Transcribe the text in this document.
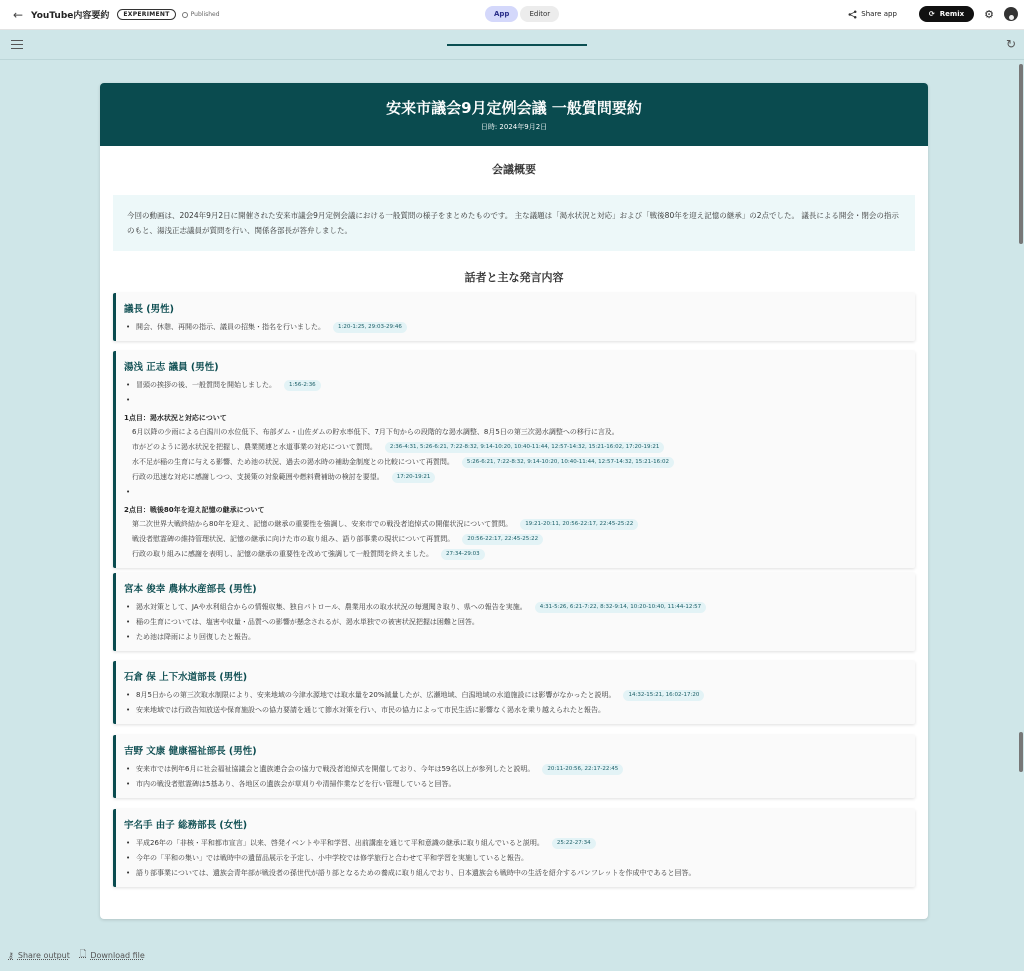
← YouTube内容要約	EXPERIMENT	Published	App	Editor	Share app	⟳ Remix ⚙
↻
安来市議会9月定例会議 一般質問要約
日時: 2024年9月2日
会議概要
今回の動画は、2024年9月2日に開催された安来市議会9月定例会議における一般質問の様子をまとめたものです。 主な議題は「渇水状況と対応」および「戦後80年を迎え記憶の継承」の2点でした。 議長による開会・閉会の指示のもと、湯浅正志議員が質問を行い、関係各部長が答弁しました。
話者と主な発言内容
議長 (男性)
• 開会、休憩、再開の指示、議員の招集・指名を行いました。 1:20-1:25, 29:03-29:46
湯浅 正志 議員 (男性)
• 冒頭の挨拶の後、一般質問を開始しました。 1:56-2:36
•
1点目：渇水状況と対応について
6月以降の少雨による白潟川の水位低下、布部ダム・山佐ダムの貯水率低下、7月下旬からの段階的な渇水調整、8月5日の第三次渇水調整への移行に言及。
市がどのように渇水状況を把握し、農業関連と水道事業の対応について質問。 2:36-4:31, 5:26-6:21, 7:22-8:32, 9:14-10:20, 10:40-11:44, 12:57-14:32, 15:21-16:02, 17:20-19:21
水不足が稲の生育に与える影響、ため池の状況、過去の渇水時の補助金制度との比較について再質問。 5:26-6:21, 7:22-8:32, 9:14-10:20, 10:40-11:44, 12:57-14:32, 15:21-16:02
行政の迅速な対応に感謝しつつ、支援策の対象範囲や燃料費補助の検討を要望。 17:20-19:21
•
2点目：戦後80年を迎え記憶の継承について
第二次世界大戦終結から80年を迎え、記憶の継承の重要性を強調し、安来市での戦没者追悼式の開催状況について質問。 19:21-20:11, 20:56-22:17, 22:45-25:22
戦没者慰霊碑の維持管理状況、記憶の継承に向けた市の取り組み、語り部事業の現状について再質問。 20:56-22:17, 22:45-25:22
行政の取り組みに感謝を表明し、記憶の継承の重要性を改めて強調して一般質問を終えました。 27:34-29:03
宮本 俊幸 農林水産部長 (男性)
• 渇水対策として、JAや水利組合からの情報収集、独自パトロール、農業用水の取水状況の毎週聞き取り、県への報告を実施。 4:31-5:26, 6:21-7:22, 8:32-9:14, 10:20-10:40, 11:44-12:57
• 稲の生育については、塩害や収量・品質への影響が懸念されるが、渇水単独での被害状況把握は困難と回答。
• ため池は降雨により回復したと報告。
石倉 保 上下水道部長 (男性)
• 8月5日からの第三次取水制限により、安来地域の今津水源地では取水量を20%減量したが、広瀬地域、白潟地域の水道施設には影響がなかったと説明。 14:32-15:21, 16:02-17:20
• 安来地域では行政告知放送や保育施設への協力要請を通じて節水対策を行い、市民の協力によって市民生活に影響なく渇水を乗り越えられたと報告。
吉野 文康 健康福祉部長 (男性)
• 安来市では例年6月に社会福祉協議会と遺族連合会の協力で戦没者追悼式を開催しており、今年は59名以上が参列したと説明。 20:11-20:56, 22:17-22:45
• 市内の戦没者慰霊碑は5基あり、各地区の遺族会が草刈りや清掃作業などを行い管理していると回答。
宇名手 由子 総務部長 (女性)
• 平成26年の「非核・平和都市宣言」以来、啓発イベントや平和学習、出前講座を通じて平和意識の継承に取り組んでいると説明。 25:22-27:34
• 今年の「平和の集い」では戦時中の遺留品展示を予定し、小中学校では修学旅行と合わせて平和学習を実施していると報告。
• 語り部事業については、遺族会青年部が戦没者の孫世代が語り部となるための養成に取り組んでおり、日本遺族会も戦時中の生活を紹介するパンフレットを作成中であると回答。
⚷ Share output 🗋 Download file
